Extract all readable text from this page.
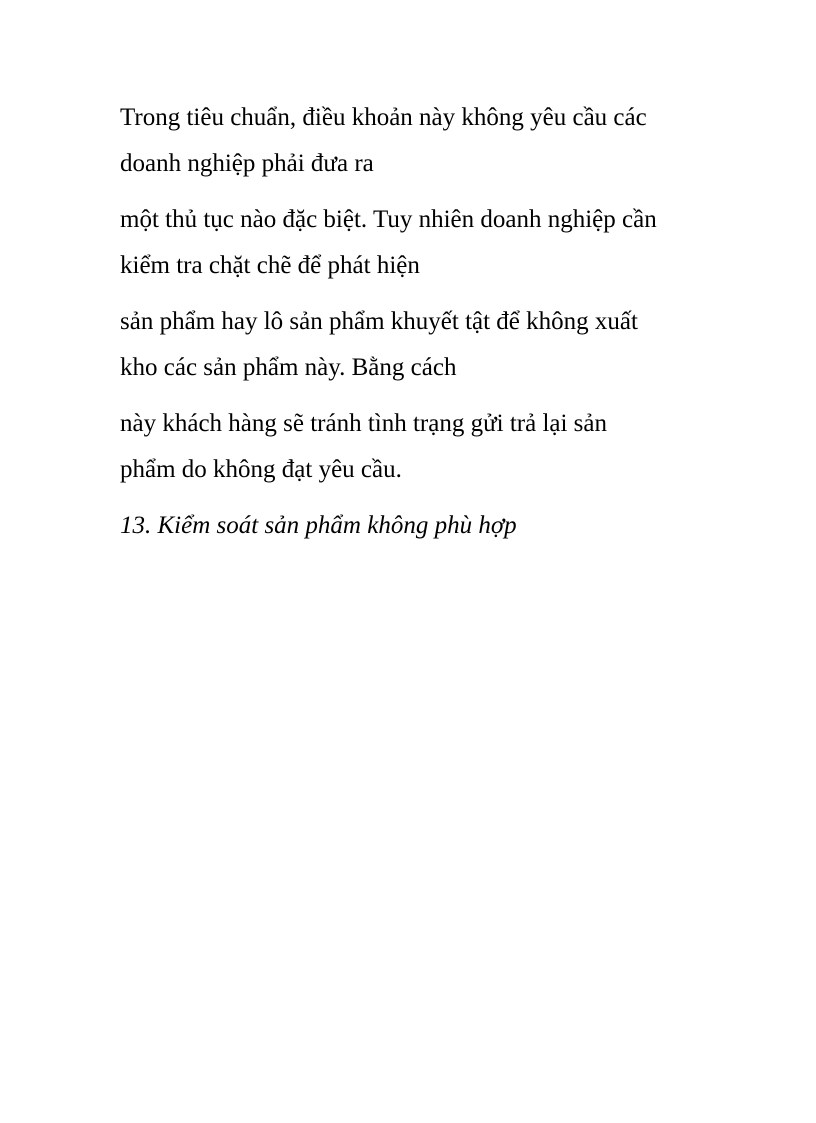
Trong tiêu chuẩn, điều khoản này không yêu cầu các
doanh nghiệp phải đưa ra

một thủ tục nào đặc biệt. Tuy nhiên doanh nghiệp cần
kiểm tra chặt chẽ để phát hiện

sản phẩm hay lô sản phẩm khuyết tật để không xuất
kho các sản phẩm này. Bằng cách

này khách hàng sẽ tránh tình trạng gửi trả lại sản
phẩm do không đạt yêu cầu.

13. Kiểm soát sản phẩm không phù hợp
